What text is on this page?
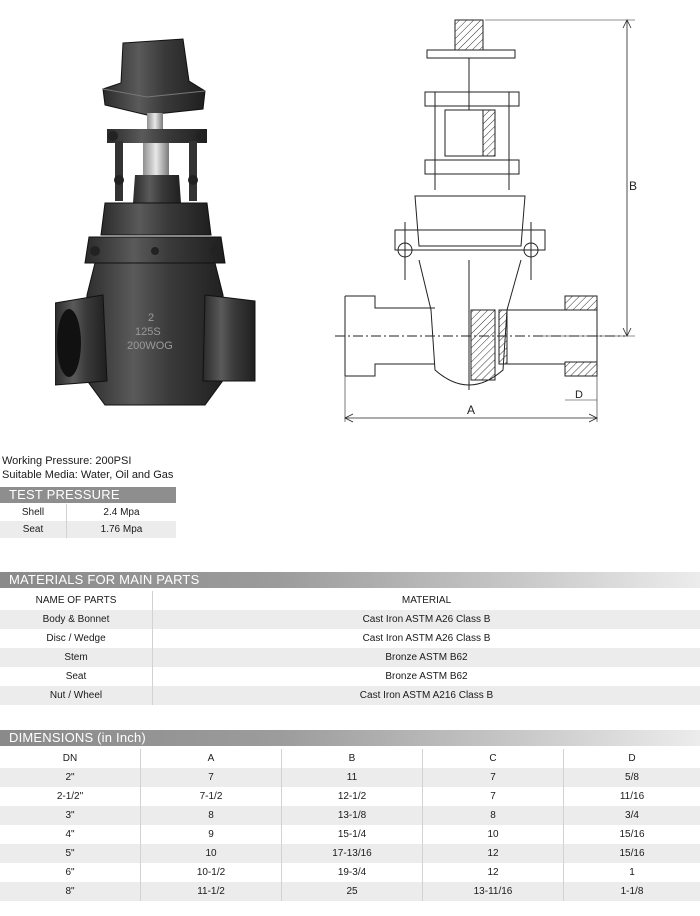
2
125S
200WOG
B
A
D
Working Pressure: 200PSI
Suitable Media: Water, Oil and Gas
TEST PRESSURE
Shell	2.4 Mpa
Seat	1.76 Mpa
MATERIALS FOR MAIN PARTS
NAME OF PARTS	MATERIAL
Body & Bonnet	Cast Iron ASTM A26 Class B
Disc / Wedge	Cast Iron ASTM A26 Class B
Stem	Bronze ASTM B62
Seat	Bronze ASTM B62
Nut / Wheel	Cast Iron ASTM A216 Class B
DIMENSIONS (in Inch)
DN	A	B	C	D
2"	7	11	7	5/8
2-1/2"	7-1/2	12-1/2	7	11/16
3"	8	13-1/8	8	3/4
4"	9	15-1/4	10	15/16
5"	10	17-13/16	12	15/16
6"	10-1/2	19-3/4	12	1
8"	11-1/2	25	13-11/16	1-1/8
